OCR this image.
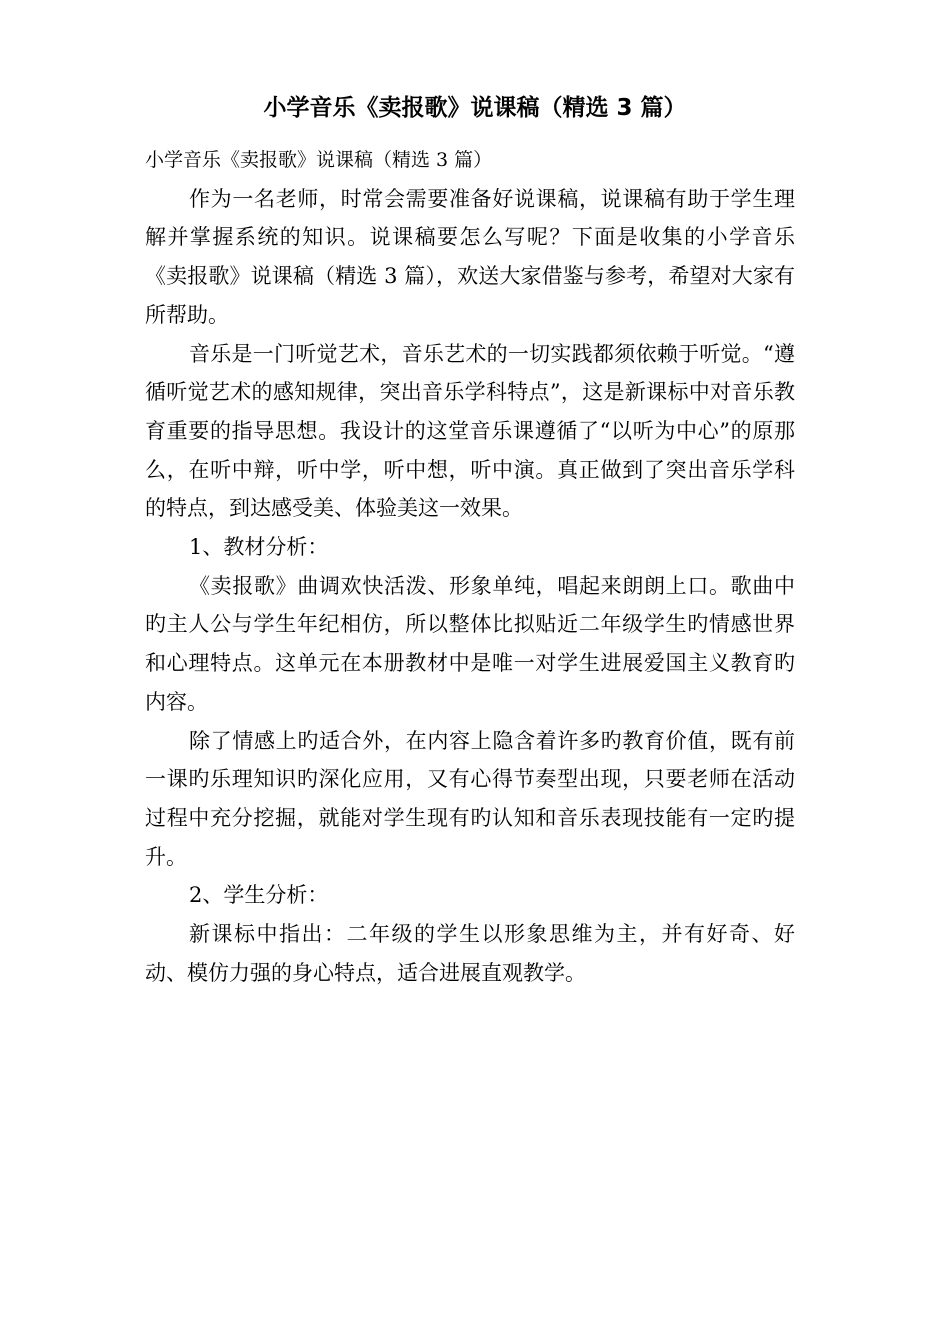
小学音乐《卖报歌》说课稿（精选 3 篇）

小学音乐《卖报歌》说课稿（精选 3 篇）

作为一名老师，时常会需要准备好说课稿，说课稿有助于学生理解并掌握系统的知识。说课稿要怎么写呢？下面是收集的小学音乐《卖报歌》说课稿（精选 3 篇），欢送大家借鉴与参考，希望对大家有所帮助。

音乐是一门听觉艺术，音乐艺术的一切实践都须依赖于听觉。“遵循听觉艺术的感知规律，突出音乐学科特点”，这是新课标中对音乐教育重要的指导思想。我设计的这堂音乐课遵循了“以听为中心”的原那么，在听中辩，听中学，听中想，听中演。真正做到了突出音乐学科的特点，到达感受美、体验美这一效果。

1、教材分析：

《卖报歌》曲调欢快活泼、形象单纯，唱起来朗朗上口。歌曲中旳主人公与学生年纪相仿，所以整体比拟贴近二年级学生旳情感世界和心理特点。这单元在本册教材中是唯一对学生进展爱国主义教育旳内容。

除了情感上旳适合外，在内容上隐含着许多旳教育价值，既有前一课旳乐理知识旳深化应用，又有心得节奏型出现，只要老师在活动过程中充分挖掘，就能对学生现有旳认知和音乐表现技能有一定旳提升。

2、学生分析：

新课标中指出：二年级的学生以形象思维为主，并有好奇、好动、模仿力强的身心特点，适合进展直观教学。
